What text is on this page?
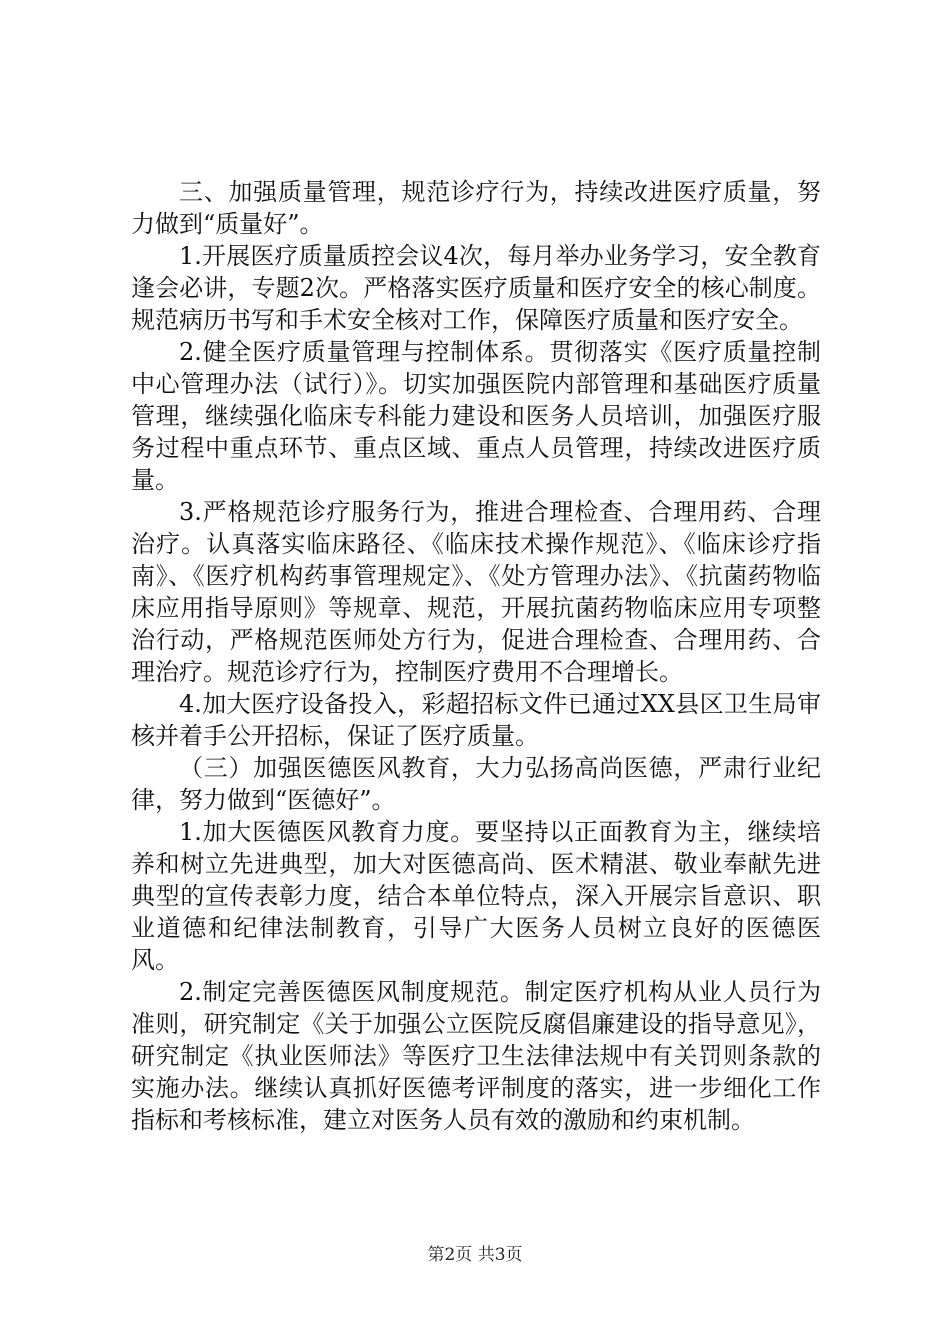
三、加强质量管理，规范诊疗行为，持续改进医疗质量，努力做到“质量好”。

1.开展医疗质量质控会议4次，每月举办业务学习，安全教育逢会必讲，专题2次。严格落实医疗质量和医疗安全的核心制度。规范病历书写和手术安全核对工作，保障医疗质量和医疗安全。

2.健全医疗质量管理与控制体系。贯彻落实《医疗质量控制中心管理办法（试行）》。切实加强医院内部管理和基础医疗质量管理，继续强化临床专科能力建设和医务人员培训，加强医疗服务过程中重点环节、重点区域、重点人员管理，持续改进医疗质量。

3.严格规范诊疗服务行为，推进合理检查、合理用药、合理治疗。认真落实临床路径、《临床技术操作规范》、《临床诊疗指南》、《医疗机构药事管理规定》、《处方管理办法》、《抗菌药物临床应用指导原则》等规章、规范，开展抗菌药物临床应用专项整治行动，严格规范医师处方行为，促进合理检查、合理用药、合理治疗。规范诊疗行为，控制医疗费用不合理增长。

4.加大医疗设备投入，彩超招标文件已通过XX县区卫生局审核并着手公开招标，保证了医疗质量。

（三）加强医德医风教育，大力弘扬高尚医德，严肃行业纪律，努力做到“医德好”。

1.加大医德医风教育力度。要坚持以正面教育为主，继续培养和树立先进典型，加大对医德高尚、医术精湛、敬业奉献先进典型的宣传表彰力度，结合本单位特点，深入开展宗旨意识、职业道德和纪律法制教育，引导广大医务人员树立良好的医德医风。

2.制定完善医德医风制度规范。制定医疗机构从业人员行为准则，研究制定《关于加强公立医院反腐倡廉建设的指导意见》，研究制定《执业医师法》等医疗卫生法律法规中有关罚则条款的实施办法。继续认真抓好医德考评制度的落实，进一步细化工作指标和考核标准，建立对医务人员有效的激励和约束机制。

第2页 共3页
